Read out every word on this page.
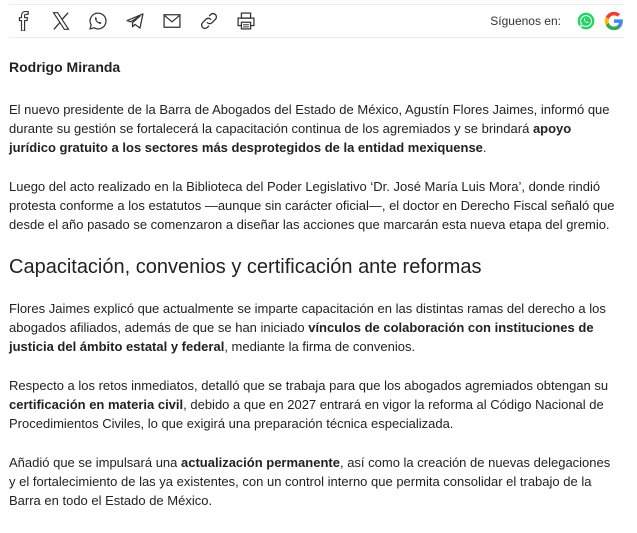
Síguenos en:
Rodrigo Miranda

El nuevo presidente de la Barra de Abogados del Estado de México, Agustín Flores Jaimes, informó que durante su gestión se fortalecerá la capacitación continua de los agremiados y se brindará apoyo jurídico gratuito a los sectores más desprotegidos de la entidad mexiquense.

Luego del acto realizado en la Biblioteca del Poder Legislativo ‘Dr. José María Luis Mora’, donde rindió protesta conforme a los estatutos —aunque sin carácter oficial—, el doctor en Derecho Fiscal señaló que desde el año pasado se comenzaron a diseñar las acciones que marcarán esta nueva etapa del gremio.

Capacitación, convenios y certificación ante reformas

Flores Jaimes explicó que actualmente se imparte capacitación en las distintas ramas del derecho a los abogados afiliados, además de que se han iniciado vínculos de colaboración con instituciones de justicia del ámbito estatal y federal, mediante la firma de convenios.

Respecto a los retos inmediatos, detalló que se trabaja para que los abogados agremiados obtengan su certificación en materia civil, debido a que en 2027 entrará en vigor la reforma al Código Nacional de Procedimientos Civiles, lo que exigirá una preparación técnica especializada.

Añadió que se impulsará una actualización permanente, así como la creación de nuevas delegaciones y el fortalecimiento de las ya existentes, con un control interno que permita consolidar el trabajo de la Barra en todo el Estado de México.
